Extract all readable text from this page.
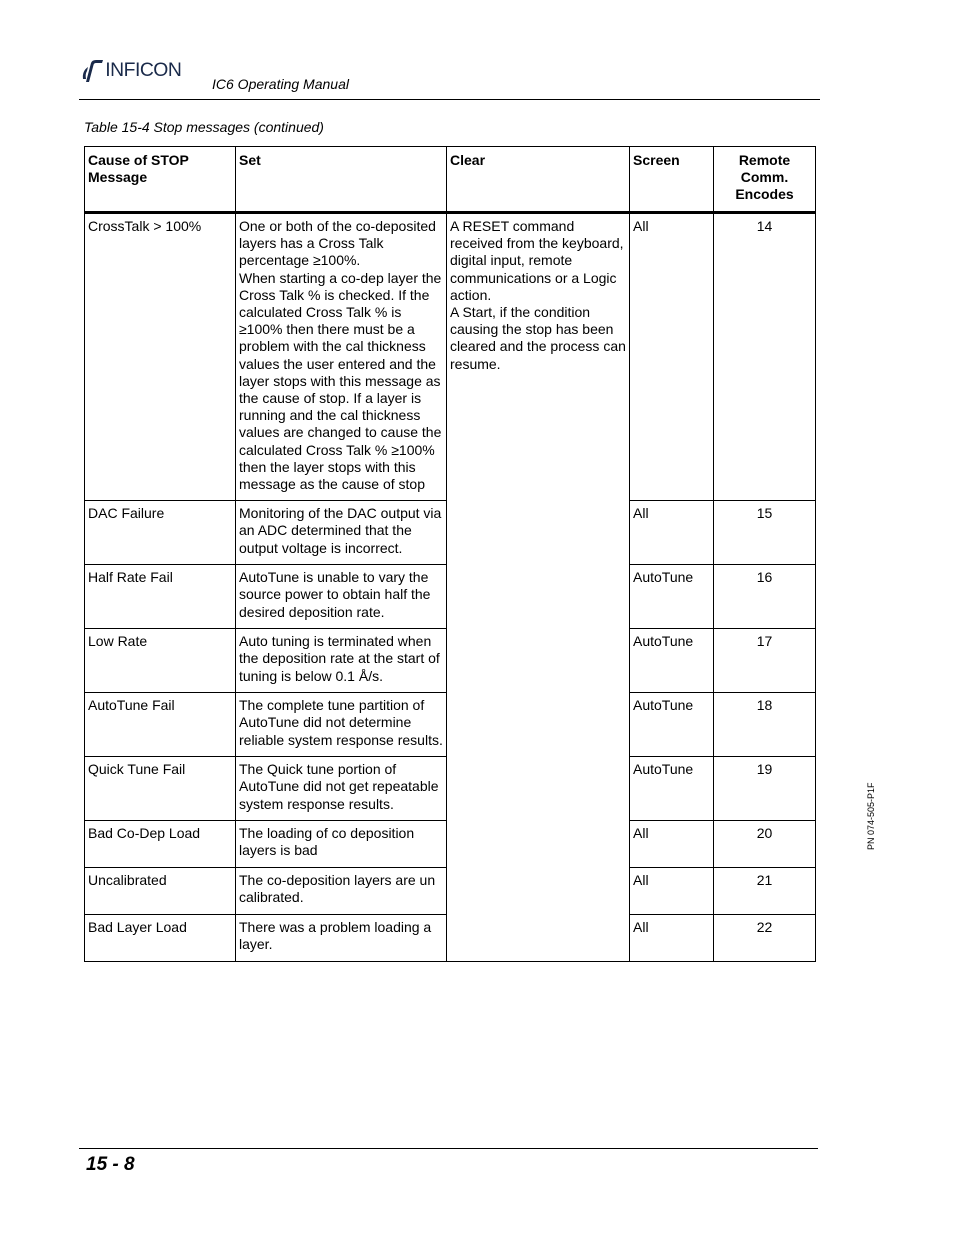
INFICON
IC6 Operating Manual
Table 15-4 Stop messages (continued)
Cause of STOP Message	Set	Clear	Screen	Remote Comm. Encodes
CrossTalk > 100%	One or both of the co-deposited layers has a Cross Talk percentage ≥100%.
When starting a co-dep layer the Cross Talk % is checked. If the calculated Cross Talk % is ≥100% then there must be a problem with the cal thickness values the user entered and the layer stops with this message as the cause of stop. If a layer is running and the cal thickness values are changed to cause the calculated Cross Talk % ≥100% then the layer stops with this message as the cause of stop	A RESET command received from the keyboard, digital input, remote communications or a Logic action.
A Start, if the condition causing the stop has been cleared and the process can resume.	All	14
DAC Failure	Monitoring of the DAC output via an ADC determined that the output voltage is incorrect.		All	15
Half Rate Fail	AutoTune is unable to vary the source power to obtain half the desired deposition rate.		AutoTune	16
Low Rate	Auto tuning is terminated when the deposition rate at the start of tuning is below 0.1 Å/s.		AutoTune	17
AutoTune Fail	The complete tune partition of AutoTune did not determine reliable system response results.		AutoTune	18
Quick Tune Fail	The Quick tune portion of AutoTune did not get repeatable system response results.		AutoTune	19
Bad Co-Dep Load	The loading of co deposition layers is bad		All	20
Uncalibrated	The co-deposition layers are un calibrated.		All	21
Bad Layer Load	There was a problem loading a layer.		All	22
PN 074-505-P1F
15 - 8
